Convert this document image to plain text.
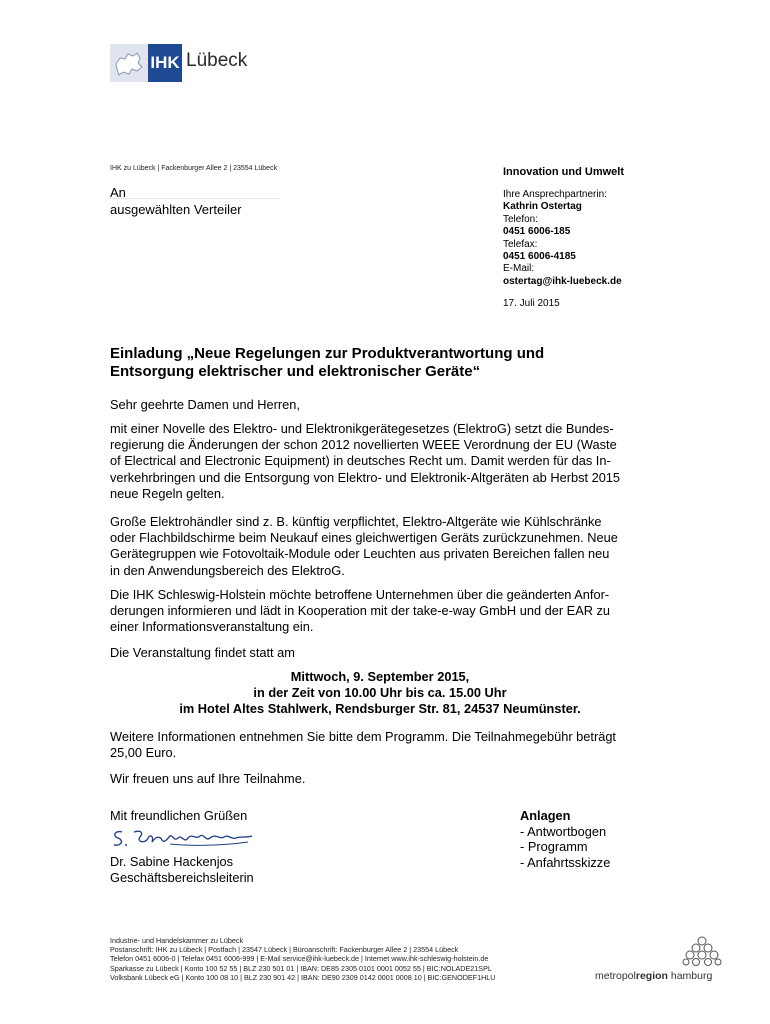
IHK Lübeck
IHK zu Lübeck | Fackenburger Allee 2 | 23554 Lübeck
An
ausgewählten Verteiler
Innovation und Umwelt
Ihre Ansprechpartnerin:
Kathrin Ostertag
Telefon:
0451 6006-185
Telefax:
0451 6006-4185
E-Mail:
ostertag@ihk-luebeck.de
17. Juli 2015
Einladung „Neue Regelungen zur Produktverantwortung und
Entsorgung elektrischer und elektronischer Geräte“
Sehr geehrte Damen und Herren,
mit einer Novelle des Elektro- und Elektronikgerätegesetzes (ElektroG) setzt die Bundes-
regierung die Änderungen der schon 2012 novellierten WEEE Verordnung der EU (Waste
of Electrical and Electronic Equipment) in deutsches Recht um. Damit werden für das In-
verkehrbringen und die Entsorgung von Elektro- und Elektronik-Altgeräten ab Herbst 2015
neue Regeln gelten.
Große Elektrohändler sind z. B. künftig verpflichtet, Elektro-Altgeräte wie Kühlschränke
oder Flachbildschirme beim Neukauf eines gleichwertigen Geräts zurückzunehmen. Neue
Gerätegruppen wie Fotovoltaik-Module oder Leuchten aus privaten Bereichen fallen neu
in den Anwendungsbereich des ElektroG.
Die IHK Schleswig-Holstein möchte betroffene Unternehmen über die geänderten Anfor-
derungen informieren und lädt in Kooperation mit der take-e-way GmbH und der EAR zu
einer Informationsveranstaltung ein.
Die Veranstaltung findet statt am
Mittwoch, 9. September 2015,
in der Zeit von 10.00 Uhr bis ca. 15.00 Uhr
im Hotel Altes Stahlwerk, Rendsburger Str. 81, 24537 Neumünster.
Weitere Informationen entnehmen Sie bitte dem Programm. Die Teilnahmegebühr beträgt
25,00 Euro.
Wir freuen uns auf Ihre Teilnahme.
Mit freundlichen Grüßen
Dr. Sabine Hackenjos
Geschäftsbereichsleiterin
Anlagen
- Antwortbogen
- Programm
- Anfahrtsskizze
Industrie- und Handelskammer zu Lübeck
Postanschrift: IHK zu Lübeck | Postfach | 23547 Lübeck | Büroanschrift: Fackenburger Allee 2 | 23554 Lübeck
Telefon 0451 6006-0 | Telefax 0451 6006-999 | E-Mail service@ihk-luebeck.de | Internet www.ihk-schleswig-holstein.de
Sparkasse zu Lübeck | Konto 100 52 55 | BLZ 230 501 01 | IBAN: DE85 2305 0101 0001 0052 55 | BIC:NOLADE21SPL
Volksbank Lübeck eG | Konto 100 08 10 | BLZ 230 901 42 | IBAN: DE90 2309 0142 0001 0008 10 | BIC:GENODEF1HLU	metropolregion hamburg
